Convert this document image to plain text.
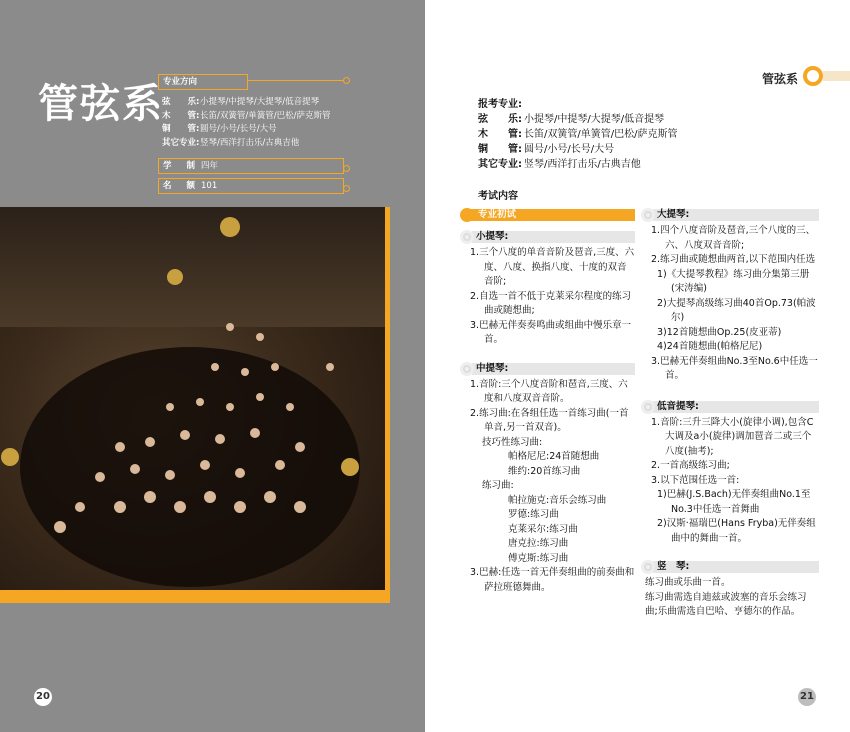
管弦系 专业方向
弦　　乐:小提琴/中提琴/大提琴/低音提琴
木　　管:长笛/双簧管/单簧管/巴松/萨克斯管
铜　　管:圆号/小号/长号/大号
其它专业:竖琴/西洋打击乐/古典吉他
学 制四年
名 额101
20
管弦系
报考专业:
弦　　乐: 小提琴/中提琴/大提琴/低音提琴
木　　管: 长笛/双簧管/单簧管/巴松/萨克斯管
铜　　管: 圆号/小号/长号/大号
其它专业: 竖琴/西洋打击乐/古典吉他
考试内容
专业初试
小提琴:
1.三个八度的单音音阶及琶音,三度、六度、八度、换指八度、十度的双音音阶;
2.自选一首不低于克莱采尔程度的练习曲或随想曲;
3.巴赫无伴奏奏鸣曲或组曲中慢乐章一首。
中提琴:
1.音阶:三个八度音阶和琶音,三度、六度和八度双音音阶。
2.练习曲:在各组任选一首练习曲(一首单音,另一首双音)。
技巧性练习曲:
帕格尼尼:24首随想曲
维约:20首练习曲
练习曲:
帕拉施克:音乐会练习曲
罗德:练习曲
克莱采尔:练习曲
唐克拉:练习曲
傅克斯:练习曲
3.巴赫:任选一首无伴奏组曲的前奏曲和萨拉班德舞曲。
大提琴:
1.四个八度音阶及琶音,三个八度的三、六、八度双音音阶;
2.练习曲或随想曲两首,以下范围内任选
1)《大提琴教程》练习曲分集第三册(宋涛编)
2)大提琴高级练习曲40首Op.73(帕波尔)
3)12首随想曲Op.25(皮亚蒂)
4)24首随想曲(帕格尼尼)
3.巴赫无伴奏组曲No.3至No.6中任选一首。
低音提琴:
1.音阶:三升三降大小(旋律小调),包含C大调及a小(旋律)调加琶音二或三个八度(抽考);
2.一首高级练习曲;
3.以下范围任选一首:
1)巴赫(J.S.Bach)无伴奏组曲No.1至No.3中任选一首舞曲
2)汉斯·福瑞巴(Hans Fryba)无伴奏组曲中的舞曲一首。
竖　琴:
练习曲或乐曲一首。
练习曲需选自迪兹或波塞的音乐会练习曲;乐曲需选自巴哈、亨德尔的作品。
21
